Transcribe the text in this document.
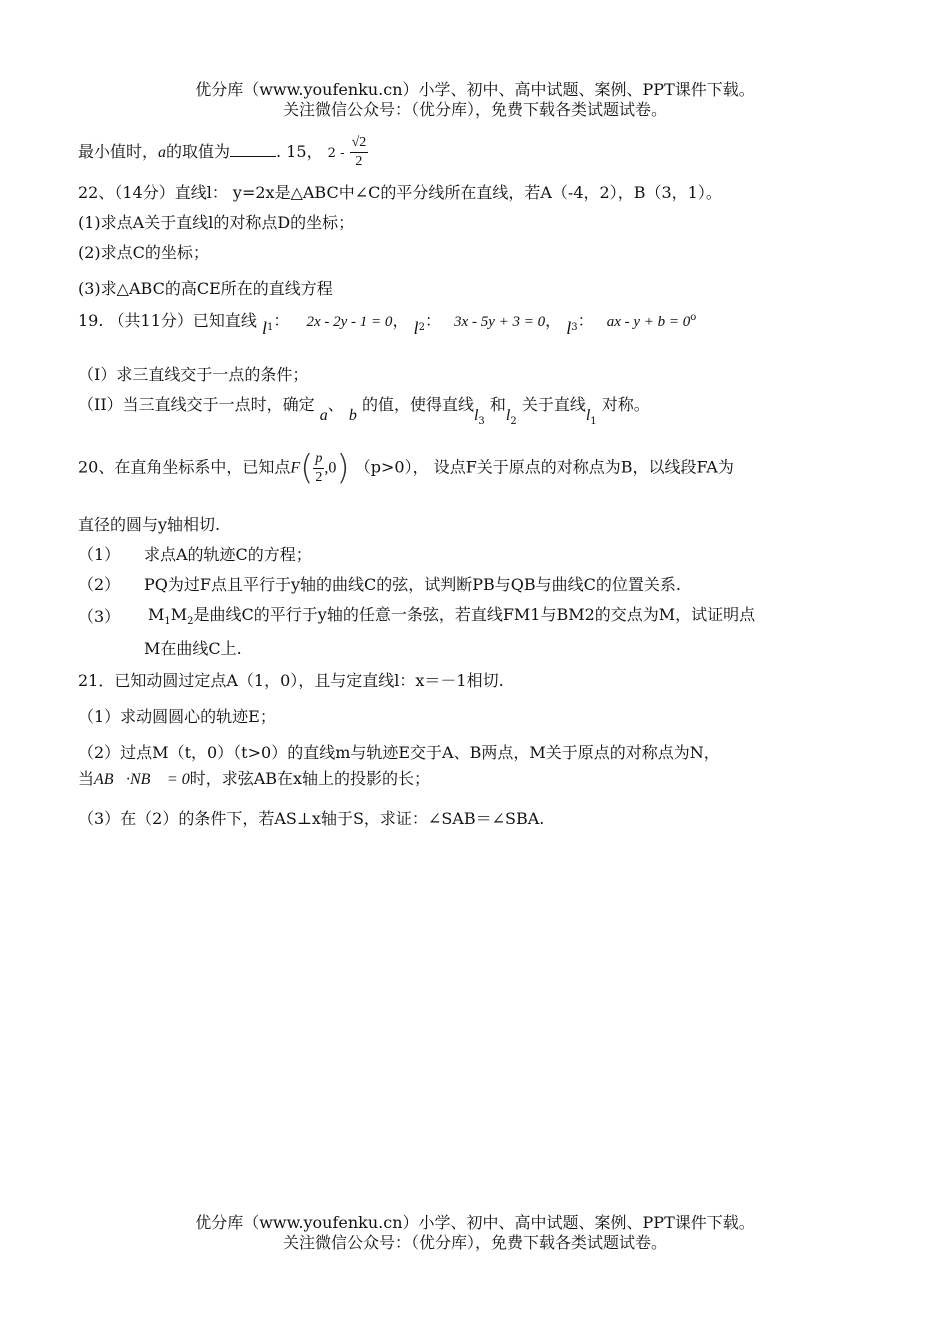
优分库（www.youfenku.cn）小学、初中、高中试题、案例、PPT课件下载。
关注微信公众号：（优分库），免费下载各类试题试卷。
最小值时，a的取值为	. 15， $2 - \frac{√2}{2}$
22、（14分）直线l： y=2x是△ABC中∠C的平分线所在直线，若A（-4，2），B（3，1）。
(1)求点A关于直线l的对称点D的坐标；
(2)求点C的坐标；
(3)求△ABC的高CE所在的直线方程
19. （共11分）已知直线 $l_1$： 2x - 2y - 1 = 0， $l_2$： 3x - 5y + 3 = 0， $l_3$： ax - $y + b = 0^o$
（I）求三直线交于一点的条件；
（II）当三直线交于一点时，确定 a、 b 的值，使得直线$l_3$ 和$l_2$ 关于直线$l_1$ 对称。
20、在直角坐标系中，已知点$F( \frac{p}{2} ,0)$ （p>0）， 设点F关于原点的对称点为B，以线段FA为
直径的圆与y轴相切.
（1） 求点A的轨迹C的方程；
（2） PQ为过F点且平行于y轴的曲线C的弦，试判断PB与QB与曲线C的位置关系.
（3） $M_1M_2$是曲线C的平行于y轴的任意一条弦，若直线FM1与BM2的交点为M，试证明点
M在曲线C上.
21．已知动圆过定点A（1，0），且与定直线l：x＝－1相切.
（1）求动圆圆心的轨迹E；
（2）过点M（t，0）（t>0）的直线m与轨迹E交于A、B两点，M关于原点的对称点为N，
当AB⃗·NB⃗ = 0时，求弦AB在x轴上的投影的长；
（3）在（2）的条件下，若AS⊥x轴于S，求证：∠SAB＝∠SBA.
优分库（www.youfenku.cn）小学、初中、高中试题、案例、PPT课件下载。
关注微信公众号：（优分库），免费下载各类试题试卷。
